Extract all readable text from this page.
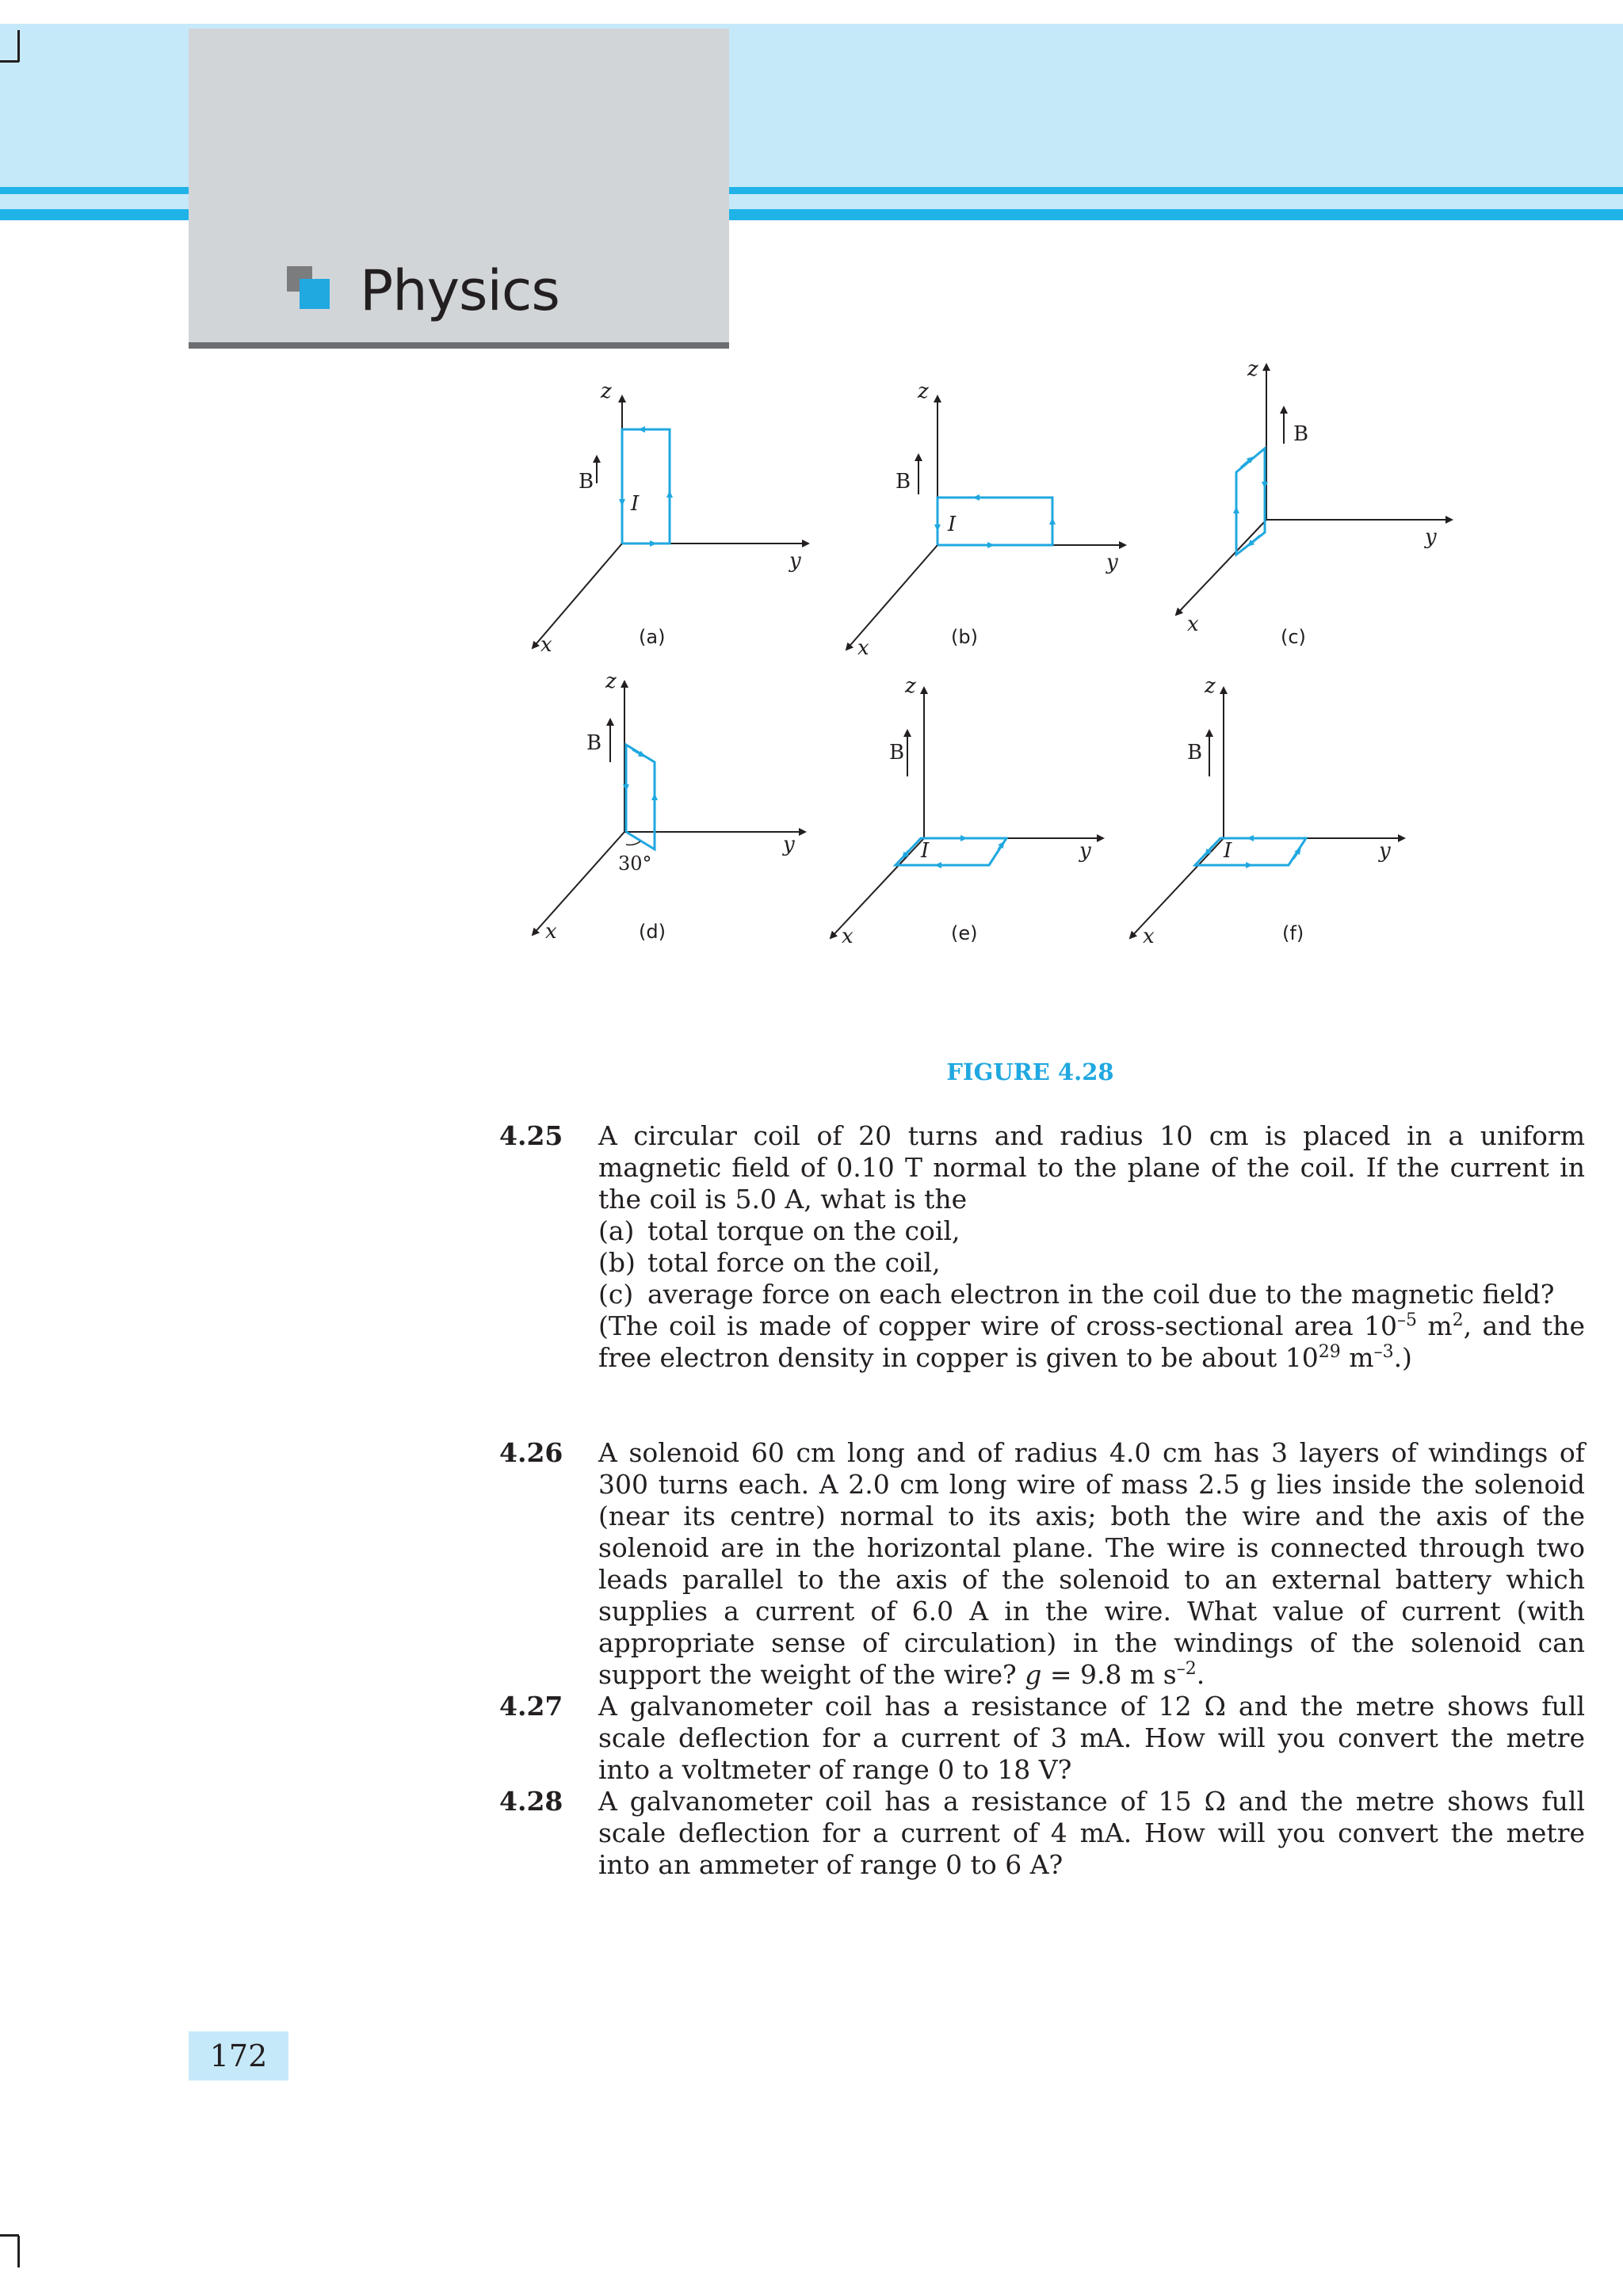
Physics
z
y
x
B
I
(a)
z
y
x
B
I
(b)
z
y
x
B
(c)
z
y
x
B
30°
(d)
z
y
x
B
I
(e)
z
y
x
B
I
(f)
FIGURE 4.28
4.25 A circular coil of 20 turns and radius 10 cm is placed in a uniform magnetic field of 0.10 T normal to the plane of the coil. If the current in the coil is 5.0 A, what is the

(a) total torque on the coil,
(b) total force on the coil,
(c) average force on each electron in the coil due to the magnetic field?

(The coil is made of copper wire of cross-sectional area $10^{-5}$ $m^2$, and the free electron density in copper is given to be about $10^{29}$ $m^{-3}$.)

4.26 A solenoid 60 cm long and of radius 4.0 cm has 3 layers of windings of 300 turns each. A 2.0 cm long wire of mass 2.5 g lies inside the solenoid (near its centre) normal to its axis; both the wire and the axis of the solenoid are in the horizontal plane. The wire is connected through two leads parallel to the axis of the solenoid to an external battery which supplies a current of 6.0 A in the wire. What value of current (with appropriate sense of circulation) in the windings of the solenoid can support the weight of the wire? g = 9.8 m $s^{-2}$.

4.27 A galvanometer coil has a resistance of 12 Ω and the metre shows full scale deflection for a current of 3 mA. How will you convert the metre into a voltmeter of range 0 to 18 V?

4.28 A galvanometer coil has a resistance of 15 Ω and the metre shows full scale deflection for a current of 4 mA. How will you convert the metre into an ammeter of range 0 to 6 A?

172
